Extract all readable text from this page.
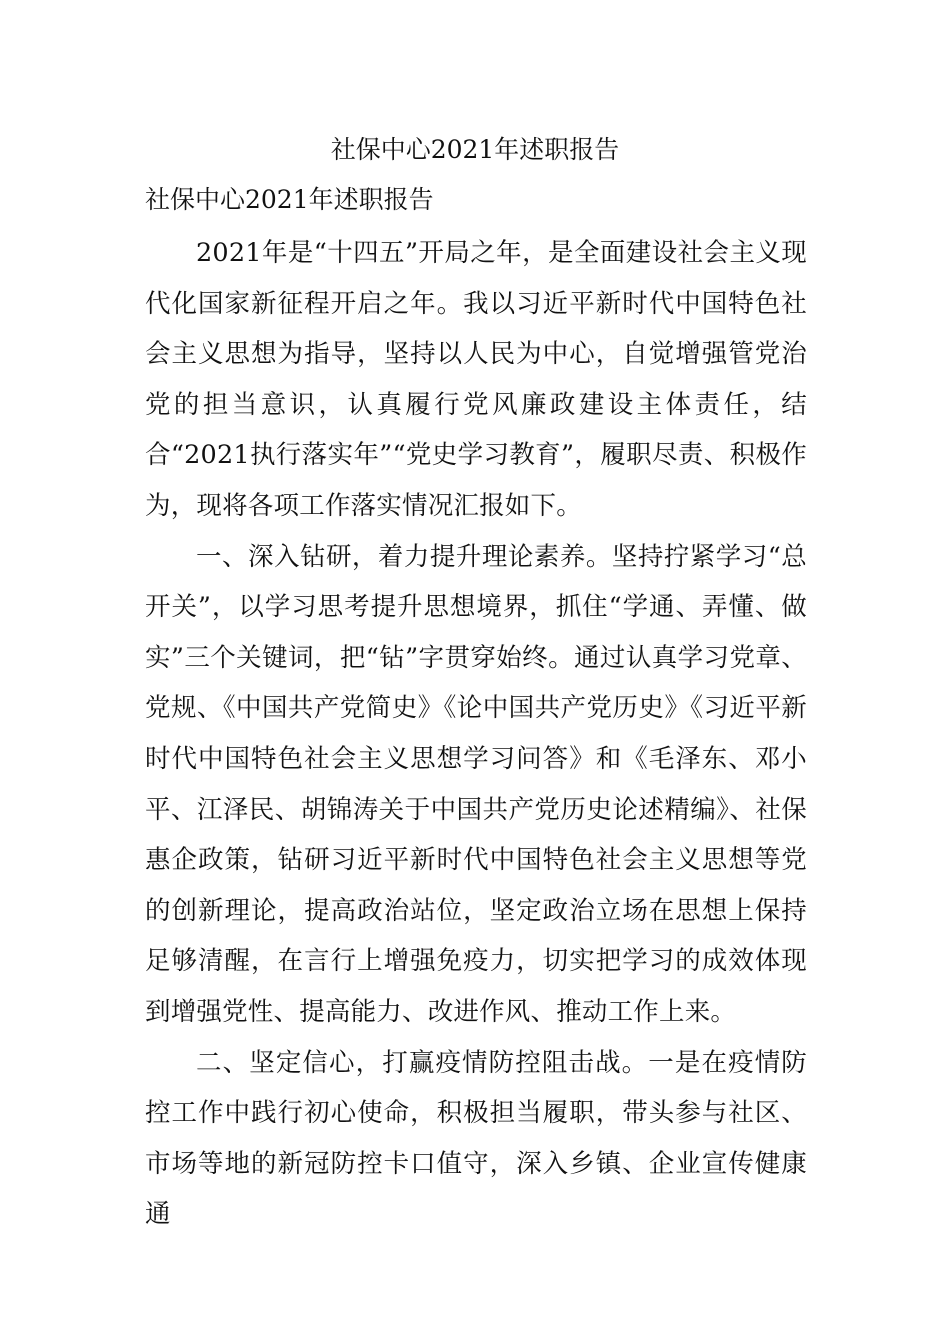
社保中心2021年述职报告
社保中心2021年述职报告

2021年是“十四五”开局之年，是全面建设社会主义现代化国家新征程开启之年。我以习近平新时代中国特色社会主义思想为指导，坚持以人民为中心，自觉增强管党治党的担当意识，认真履行党风廉政建设主体责任，结合“2021执行落实年”“党史学习教育”，履职尽责、积极作为，现将各项工作落实情况汇报如下。

一、深入钻研，着力提升理论素养。坚持拧紧学习“总开关”，以学习思考提升思想境界，抓住“学通、弄懂、做实”三个关键词，把“钻”字贯穿始终。通过认真学习党章、党规、《中国共产党简史》《论中国共产党历史》《习近平新时代中国特色社会主义思想学习问答》和《毛泽东、邓小平、江泽民、胡锦涛关于中国共产党历史论述精编》、社保惠企政策，钻研习近平新时代中国特色社会主义思想等党的创新理论，提高政治站位，坚定政治立场在思想上保持足够清醒，在言行上增强免疫力，切实把学习的成效体现到增强党性、提高能力、改进作风、推动工作上来。

二、坚定信心，打赢疫情防控阻击战。一是在疫情防控工作中践行初心使命，积极担当履职，带头参与社区、市场等地的新冠防控卡口值守，深入乡镇、企业宣传健康通
